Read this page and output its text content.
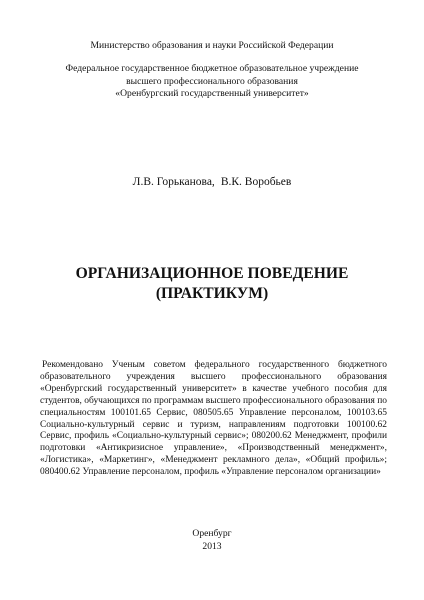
Министерство образования и науки Российской Федерации
Федеральное государственное бюджетное образовательное учреждение
высшего профессионального образования
«Оренбургский государственный университет»
Л.В. Горьканова, В.К. Воробьев
ОРГАНИЗАЦИОННОЕ ПОВЕДЕНИЕ
(ПРАКТИКУМ)
Рекомендовано Ученым советом федерального государственного бюджетного образовательного учреждения высшего профессионального образования «Оренбургский государственный университет» в качестве учебного пособия для студентов, обучающихся по программам высшего профессионального образования по специальностям 100101.65 Сервис, 080505.65 Управление персоналом, 100103.65 Социально-культурный сервис и туризм, направлениям подготовки 100100.62 Сервис, профиль «Социально-культурный сервис»; 080200.62 Менеджмент, профили подготовки «Антикризисное управление», «Производственный менеджмент», «Логистика», «Маркетинг», «Менеджмент рекламного дела», «Общий профиль»; 080400.62 Управление персоналом, профиль «Управление персоналом организации»
Оренбург
2013
